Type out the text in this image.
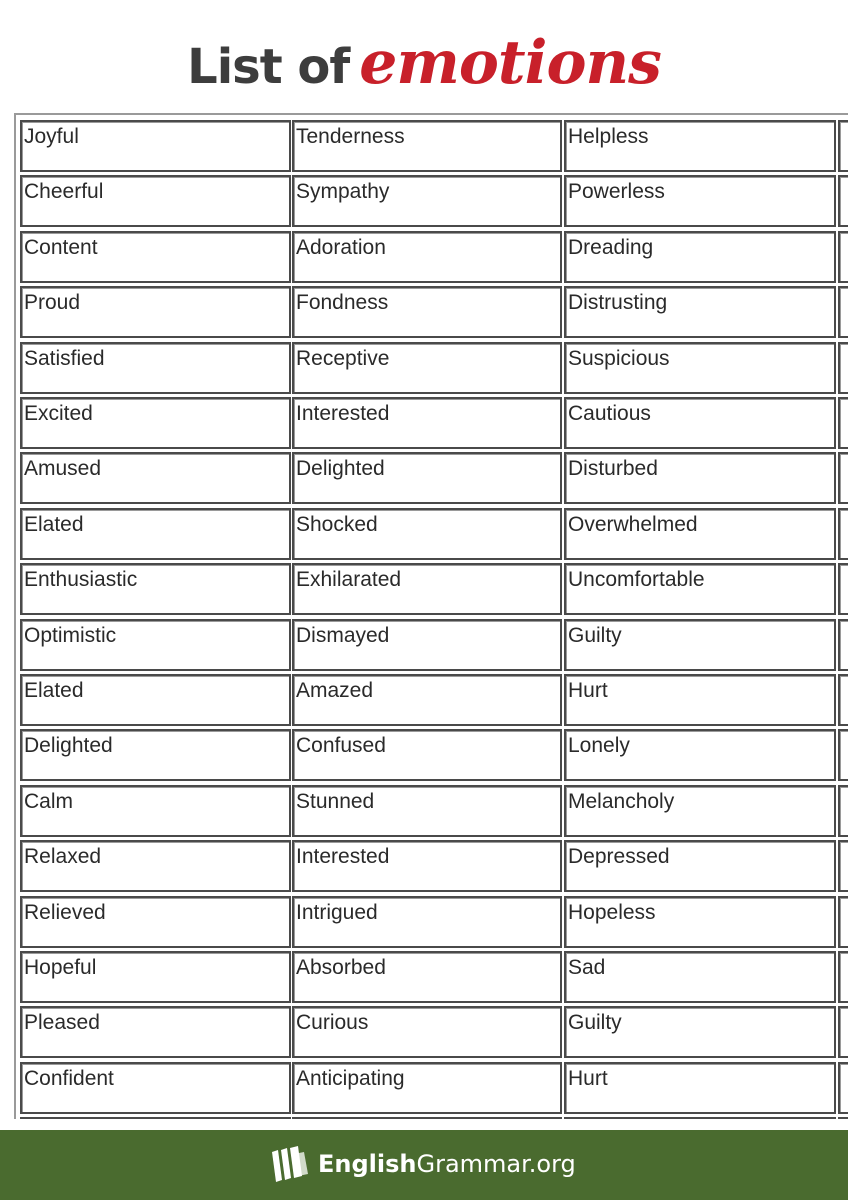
List of emotions
Joyful	Tenderness	Helpless
Cheerful	Sympathy	Powerless
Content	Adoration	Dreading
Proud	Fondness	Distrusting
Satisfied	Receptive	Suspicious
Excited	Interested	Cautious
Amused	Delighted	Disturbed
Elated	Shocked	Overwhelmed
Enthusiastic	Exhilarated	Uncomfortable
Optimistic	Dismayed	Guilty
Elated	Amazed	Hurt
Delighted	Confused	Lonely
Calm	Stunned	Melancholy
Relaxed	Interested	Depressed
Relieved	Intrigued	Hopeless
Hopeful	Absorbed	Sad
Pleased	Curious	Guilty
Confident	Anticipating	Hurt
English Grammar.org
